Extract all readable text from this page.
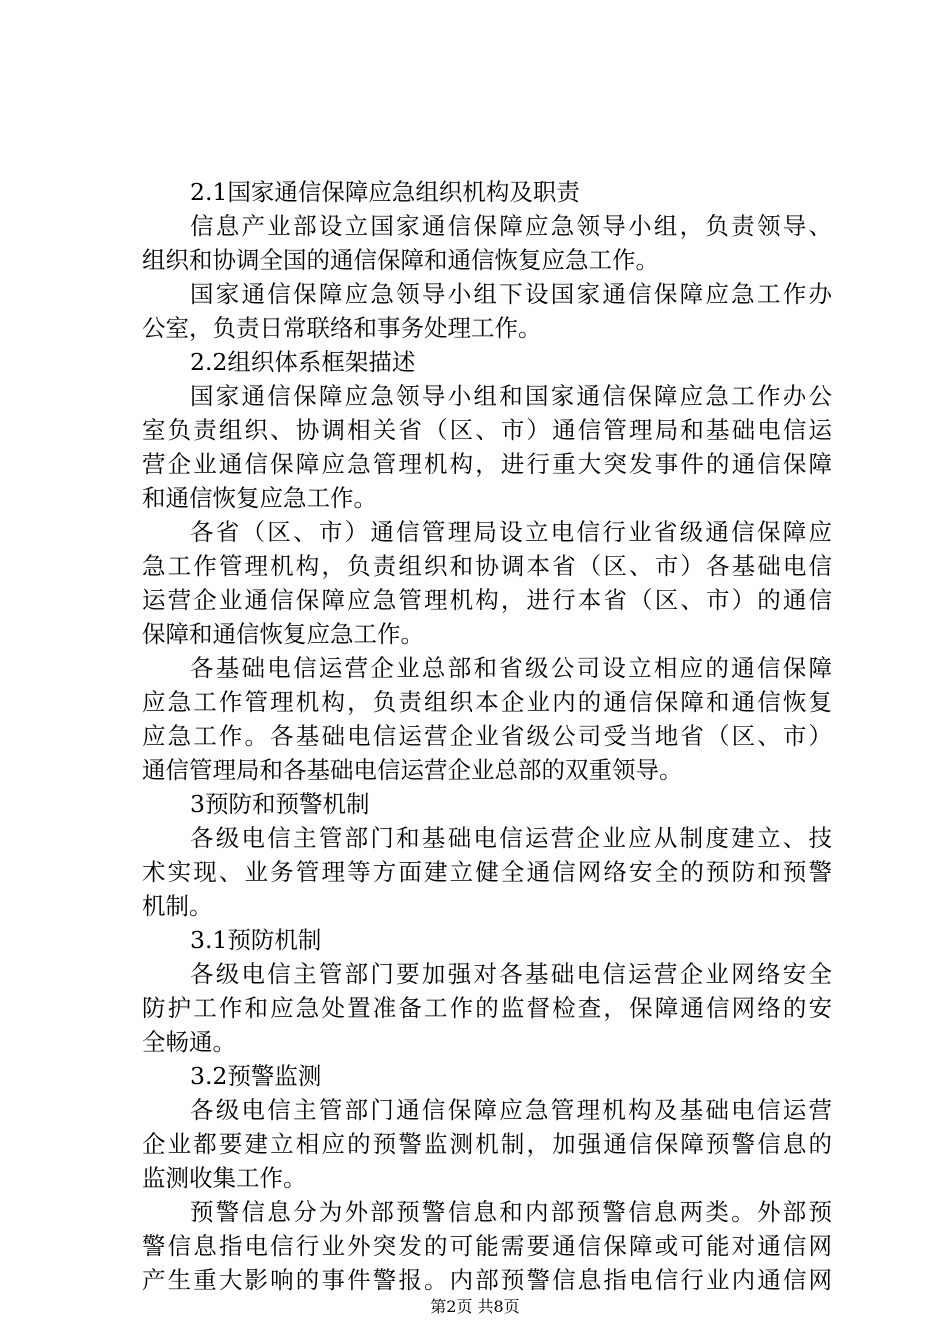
2.1国家通信保障应急组织机构及职责
信息产业部设立国家通信保障应急领导小组，负责领导、
组织和协调全国的通信保障和通信恢复应急工作。
国家通信保障应急领导小组下设国家通信保障应急工作办
公室，负责日常联络和事务处理工作。
2.2组织体系框架描述
国家通信保障应急领导小组和国家通信保障应急工作办公
室负责组织、协调相关省（区、市）通信管理局和基础电信运
营企业通信保障应急管理机构，进行重大突发事件的通信保障
和通信恢复应急工作。
各省（区、市）通信管理局设立电信行业省级通信保障应
急工作管理机构，负责组织和协调本省（区、市）各基础电信
运营企业通信保障应急管理机构，进行本省（区、市）的通信
保障和通信恢复应急工作。
各基础电信运营企业总部和省级公司设立相应的通信保障
应急工作管理机构，负责组织本企业内的通信保障和通信恢复
应急工作。各基础电信运营企业省级公司受当地省（区、市）
通信管理局和各基础电信运营企业总部的双重领导。
3预防和预警机制
各级电信主管部门和基础电信运营企业应从制度建立、技
术实现、业务管理等方面建立健全通信网络安全的预防和预警
机制。
3.1预防机制
各级电信主管部门要加强对各基础电信运营企业网络安全
防护工作和应急处置准备工作的监督检查，保障通信网络的安
全畅通。
3.2预警监测
各级电信主管部门通信保障应急管理机构及基础电信运营
企业都要建立相应的预警监测机制，加强通信保障预警信息的
监测收集工作。
预警信息分为外部预警信息和内部预警信息两类。外部预
警信息指电信行业外突发的可能需要通信保障或可能对通信网
产生重大影响的事件警报。内部预警信息指电信行业内通信网
第2页 共8页
